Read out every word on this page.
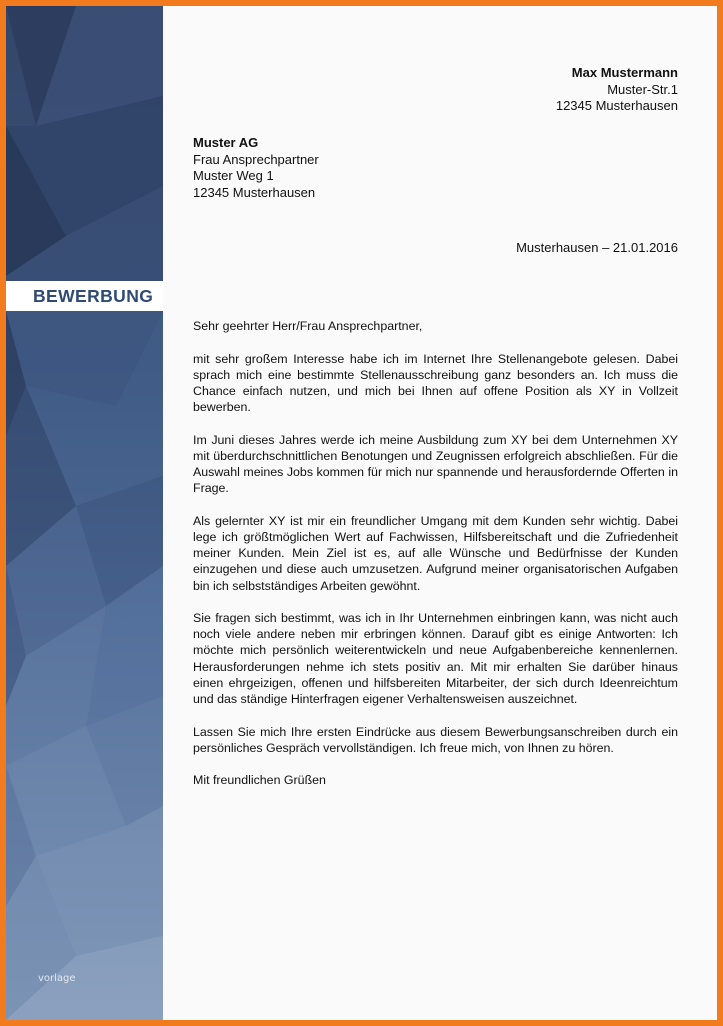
BEWERBUNG
vorlage
Max Mustermann
Muster-Str.1
12345 Musterhausen
Muster AG
Frau Ansprechpartner
Muster Weg 1
12345 Musterhausen
Musterhausen – 21.01.2016

Sehr geehrter Herr/Frau Ansprechpartner,

mit sehr großem Interesse habe ich im Internet Ihre Stellenangebote gelesen. Dabei sprach mich eine bestimmte Stellenausschreibung ganz besonders an. Ich muss die Chance einfach nutzen, und mich bei Ihnen auf offene Position als XY in Vollzeit bewerben.

Im Juni dieses Jahres werde ich meine Ausbildung zum XY bei dem Unternehmen XY mit überdurchschnittlichen Benotungen und Zeugnissen erfolgreich abschließen. Für die Auswahl meines Jobs kommen für mich nur spannende und herausfordernde Offerten in Frage.

Als gelernter XY ist mir ein freundlicher Umgang mit dem Kunden sehr wichtig. Dabei lege ich größtmöglichen Wert auf Fachwissen, Hilfsbereitschaft und die Zufriedenheit meiner Kunden. Mein Ziel ist es, auf alle Wünsche und Bedürfnisse der Kunden einzugehen und diese auch umzusetzen. Aufgrund meiner organisatorischen Aufgaben bin ich selbstständiges Arbeiten gewöhnt.

Sie fragen sich bestimmt, was ich in Ihr Unternehmen einbringen kann, was nicht auch noch viele andere neben mir erbringen können. Darauf gibt es einige Antworten: Ich möchte mich persönlich weiterentwickeln und neue Aufgabenbereiche kennenlernen. Herausforderungen nehme ich stets positiv an. Mit mir erhalten Sie darüber hinaus einen ehrgeizigen, offenen und hilfsbereiten Mitarbeiter, der sich durch Ideenreichtum und das ständige Hinterfragen eigener Verhaltensweisen auszeichnet.

Lassen Sie mich Ihre ersten Eindrücke aus diesem Bewerbungsanschreiben durch ein persönliches Gespräch vervollständigen. Ich freue mich, von Ihnen zu hören.

Mit freundlichen Grüßen
